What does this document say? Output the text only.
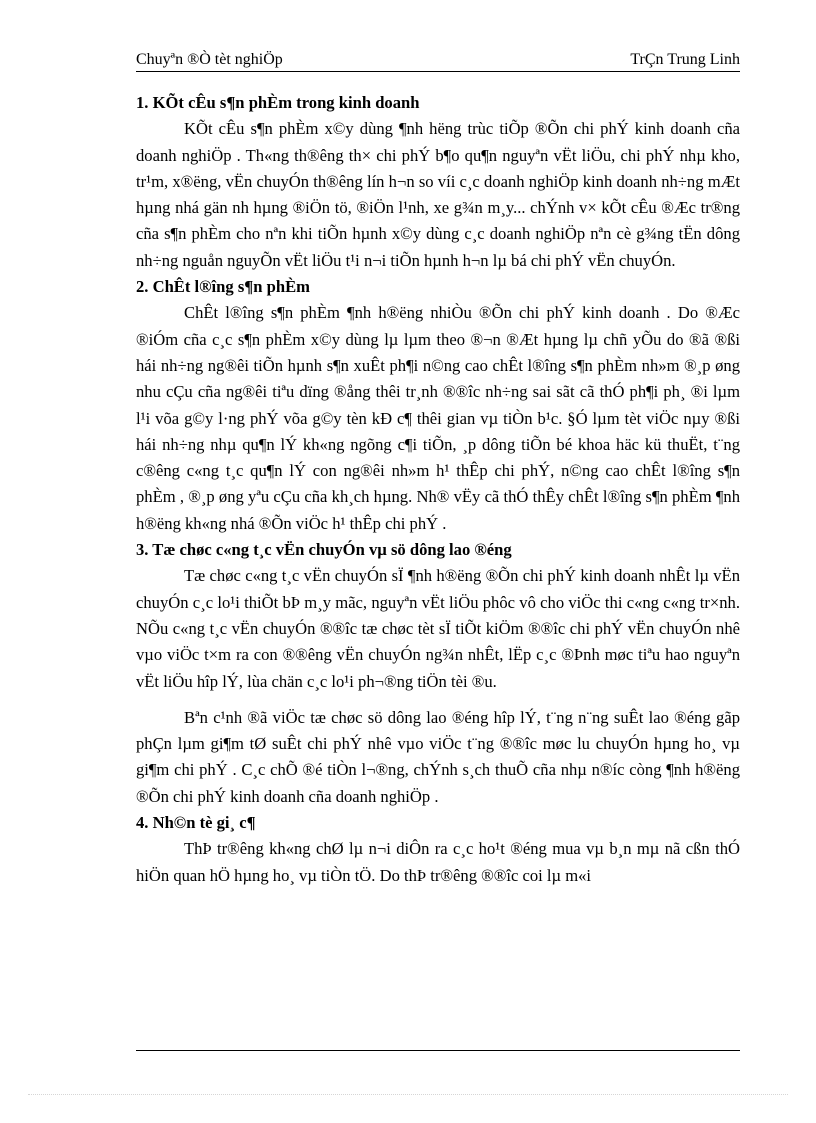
Chuyªn ®Ò tèt nghiÖp	TrÇn Trung Linh
1. KÕt cÊu s¶n phÈm trong kinh doanh

KÕt cÊu s¶n phÈm x©y dùng ¶nh hëng trùc tiÕp ®Õn chi phÝ kinh doanh cña doanh nghiÖp . Th«ng th®êng th× chi phÝ b¶o qu¶n nguyªn vËt liÖu, chi phÝ nhµ kho, tr¹m, x®ëng, vËn chuyÓn th®êng lín h¬n so víi c¸c doanh nghiÖp kinh doanh nh÷ng mÆt hµng nhá gän nh hµng ®iÖn tö, ®iÖn l¹nh, xe g¾n m¸y... chÝnh v× kÕt cÊu ®Æc tr®ng cña s¶n phÈm cho nªn khi tiÕn hµnh x©y dùng c¸c doanh nghiÖp nªn cè g¾ng tËn dông nh÷ng nguån nguyÕn vËt liÖu t¹i n¬i tiÕn hµnh h¬n lµ bá chi phÝ vËn chuyÓn.

2. ChÊt l®îng s¶n phÈm

ChÊt l®îng s¶n phÈm ¶nh h®ëng nhiÒu ®Õn chi phÝ kinh doanh . Do ®Æc ®iÓm cña c¸c s¶n phÈm x©y dùng lµ lµm theo ®¬n ®Æt hµng lµ chñ yÕu do ®ã ®ßi hái nh÷ng ng®êi tiÕn hµnh s¶n xuÊt ph¶i n©ng cao chÊt l®îng s¶n phÈm nh»m ®¸p øng nhu cÇu cña ng®êi tiªu dïng ®ång thêi tr¸nh ®®îc nh÷ng sai sãt cã thÓ ph¶i ph¸ ®i lµm l¹i võa g©y l·ng phÝ võa g©y tèn kÐ c¶ thêi gian vµ tiÒn b¹c. §Ó lµm tèt viÖc nµy ®ßi hái nh÷ng nhµ qu¶n lÝ kh«ng ngõng c¶i tiÕn, ¸p dông tiÕn bé khoa häc kü thuËt, t¨ng c®êng c«ng t¸c qu¶n lÝ con ng®êi nh»m h¹ thÊp chi phÝ, n©ng cao chÊt l®îng s¶n phÈm , ®¸p øng yªu cÇu cña kh¸ch hµng. Nh® vËy cã thÓ thÊy chÊt l®îng s¶n phÈm ¶nh h®ëng kh«ng nhá ®Õn viÖc h¹ thÊp chi phÝ .

3. Tæ chøc c«ng t¸c vËn chuyÓn vµ sö dông lao ®éng

Tæ chøc c«ng t¸c vËn chuyÓn sÏ ¶nh h®ëng ®Õn chi phÝ kinh doanh nhÊt lµ vËn chuyÓn c¸c lo¹i thiÕt bÞ m¸y mãc, nguyªn vËt liÖu phôc vô cho viÖc thi c«ng c«ng tr×nh. NÕu c«ng t¸c vËn chuyÓn ®®îc tæ chøc tèt sÏ tiÕt kiÖm ®®îc chi phÝ vËn chuyÓn nhê vµo viÖc t×m ra con ®®êng vËn chuyÓn ng¾n nhÊt, lËp c¸c ®Þnh møc tiªu hao nguyªn vËt liÖu hîp lÝ, lùa chän c¸c lo¹i ph¬®ng tiÖn tèi ®u.

Bªn c¹nh ®ã viÖc tæ chøc sö dông lao ®éng hîp lÝ, t¨ng n¨ng suÊt lao ®éng gãp phÇn lµm gi¶m tØ suÊt chi phÝ nhê vµo viÖc t¨ng ®®îc møc lu chuyÓn hµng ho¸ vµ gi¶m chi phÝ . C¸c chÕ ®é tiÒn l¬®ng, chÝnh s¸ch thuÕ cña nhµ n®íc còng ¶nh h®ëng ®Õn chi phÝ kinh doanh cña doanh nghiÖp .

4. Nh©n tè gi¸ c¶

ThÞ tr®êng kh«ng chØ lµ n¬i diÔn ra c¸c ho¹t ®éng mua vµ b¸n mµ nã cßn thÓ hiÖn quan hÖ hµng ho¸ vµ tiÒn tÖ. Do thÞ tr®êng ®®îc coi lµ m«i
